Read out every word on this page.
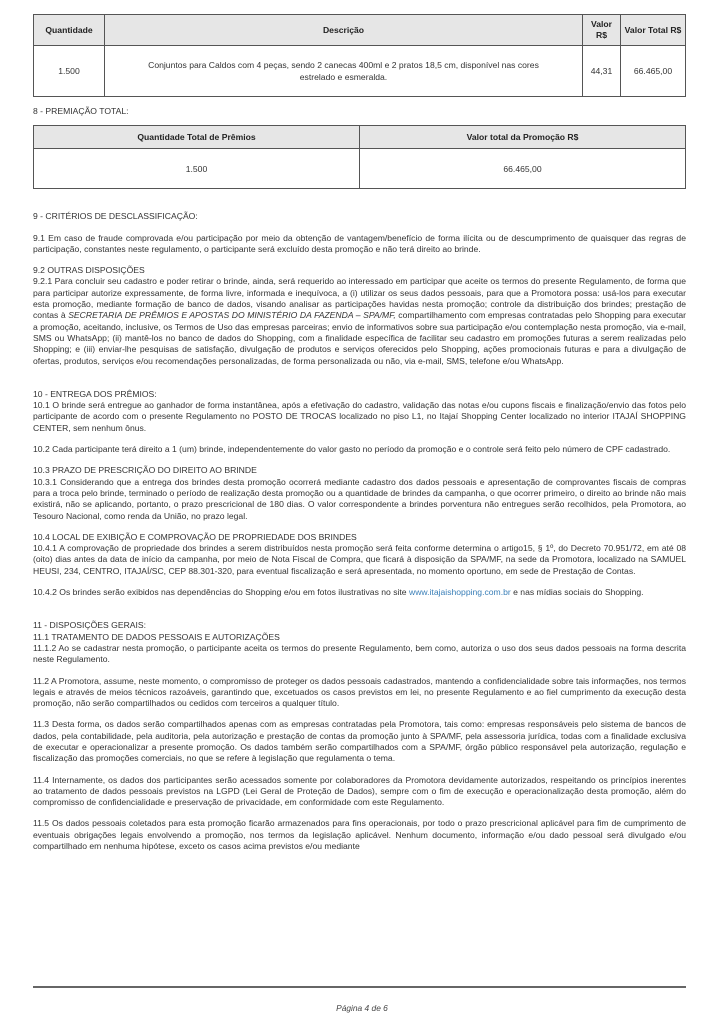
Quantidade	Descrição	Valor R$	Valor Total R$
1.500	Conjuntos para Caldos com 4 peças, sendo 2 canecas 400ml e 2 pratos 18,5 cm, disponível nas cores estrelado e esmeralda.	44,31	66.465,00

8 - PREMIAÇÃO TOTAL:

Quantidade Total de Prêmios	Valor total da Promoção R$
1.500	66.465,00

9 - CRITÉRIOS DE DESCLASSIFICAÇÃO:

9.1 Em caso de fraude comprovada e/ou participação por meio da obtenção de vantagem/benefício de forma ilícita ou de descumprimento de quaisquer das regras de participação, constantes neste regulamento, o participante será excluído desta promoção e não terá direito ao brinde.

9.2 OUTRAS DISPOSIÇÕES

9.2.1 Para concluir seu cadastro e poder retirar o brinde, ainda, será requerido ao interessado em participar que aceite os termos do presente Regulamento, de forma que para participar autorize expressamente, de forma livre, informada e inequívoca, a (i) utilizar os seus dados pessoais, para que a Promotora possa: usá-los para executar esta promoção, mediante formação de banco de dados, visando analisar as participações havidas nesta promoção; controle da distribuição dos brindes; prestação de contas à SECRETARIA DE PRÊMIOS E APOSTAS DO MINISTÉRIO DA FAZENDA – SPA/MF, compartilhamento com empresas contratadas pelo Shopping para executar a promoção, aceitando, inclusive, os Termos de Uso das empresas parceiras; envio de informativos sobre sua participação e/ou contemplação nesta promoção, via e-mail, SMS ou WhatsApp; (ii) mantê-los no banco de dados do Shopping, com a finalidade específica de facilitar seu cadastro em promoções futuras a serem realizadas pelo Shopping; e (iii) enviar-lhe pesquisas de satisfação, divulgação de produtos e serviços oferecidos pelo Shopping, ações promocionais futuras e para a divulgação de ofertas, produtos, serviços e/ou recomendações personalizadas, de forma personalizada ou não, via e-mail, SMS, telefone e/ou WhatsApp.

10 - ENTREGA DOS PRÊMIOS:

10.1 O brinde será entregue ao ganhador de forma instantânea, após a efetivação do cadastro, validação das notas e/ou cupons fiscais e finalização/envio das fotos pelo participante de acordo com o presente Regulamento no POSTO DE TROCAS localizado no piso L1, no Itajaí Shopping Center localizado no interior ITAJAÍ SHOPPING CENTER, sem nenhum ônus.

10.2 Cada participante terá direito a 1 (um) brinde, independentemente do valor gasto no período da promoção e o controle será feito pelo número de CPF cadastrado.

10.3 PRAZO DE PRESCRIÇÃO DO DIREITO AO BRINDE

10.3.1 Considerando que a entrega dos brindes desta promoção ocorrerá mediante cadastro dos dados pessoais e apresentação de comprovantes fiscais de compras para a troca pelo brinde, terminado o período de realização desta promoção ou a quantidade de brindes da campanha, o que ocorrer primeiro, o direito ao brinde não mais existirá, não se aplicando, portanto, o prazo prescricional de 180 dias. O valor correspondente a brindes porventura não entregues serão recolhidos, pela Promotora, ao Tesouro Nacional, como renda da União, no prazo legal.

10.4 LOCAL DE EXIBIÇÃO E COMPROVAÇÃO DE PROPRIEDADE DOS BRINDES

10.4.1 A comprovação de propriedade dos brindes a serem distribuídos nesta promoção será feita conforme determina o artigo15, § 1º, do Decreto 70.951/72, em até 08 (oito) dias antes da data de início da campanha, por meio de Nota Fiscal de Compra, que ficará à disposição da SPA/MF, na sede da Promotora, localizado na SAMUEL HEUSI, 234, CENTRO, ITAJAÍ/SC, CEP 88.301-320, para eventual fiscalização e será apresentada, no momento oportuno, em sede de Prestação de Contas.

10.4.2 Os brindes serão exibidos nas dependências do Shopping e/ou em fotos ilustrativas no site www.itajaishopping.com.br e nas mídias sociais do Shopping.

11 - DISPOSIÇÕES GERAIS:

11.1 TRATAMENTO DE DADOS PESSOAIS E AUTORIZAÇÕES

11.1.2 Ao se cadastrar nesta promoção, o participante aceita os termos do presente Regulamento, bem como, autoriza o uso dos seus dados pessoais na forma descrita neste Regulamento.

11.2 A Promotora, assume, neste momento, o compromisso de proteger os dados pessoais cadastrados, mantendo a confidencialidade sobre tais informações, nos termos legais e através de meios técnicos razoáveis, garantindo que, excetuados os casos previstos em lei, no presente Regulamento e ao fiel cumprimento da execução desta promoção, não serão compartilhados ou cedidos com terceiros a qualquer título.

11.3 Desta forma, os dados serão compartilhados apenas com as empresas contratadas pela Promotora, tais como: empresas responsáveis pelo sistema de bancos de dados, pela contabilidade, pela auditoria, pela autorização e prestação de contas da promoção junto à SPA/MF, pela assessoria jurídica, todas com a finalidade exclusiva de executar e operacionalizar a presente promoção. Os dados também serão compartilhados com a SPA/MF, órgão público responsável pela autorização, regulação e fiscalização das promoções comerciais, no que se refere à legislação que regulamenta o tema.

11.4 Internamente, os dados dos participantes serão acessados somente por colaboradores da Promotora devidamente autorizados, respeitando os princípios inerentes ao tratamento de dados pessoais previstos na LGPD (Lei Geral de Proteção de Dados), sempre com o fim de execução e operacionalização desta promoção, além do compromisso de confidencialidade e preservação de privacidade, em conformidade com este Regulamento.

11.5 Os dados pessoais coletados para esta promoção ficarão armazenados para fins operacionais, por todo o prazo prescricional aplicável para fim de cumprimento de eventuais obrigações legais envolvendo a promoção, nos termos da legislação aplicável. Nenhum documento, informação e/ou dado pessoal será divulgado e/ou compartilhado em nenhuma hipótese, exceto os casos acima previstos e/ou mediante

Página 4 de 6
